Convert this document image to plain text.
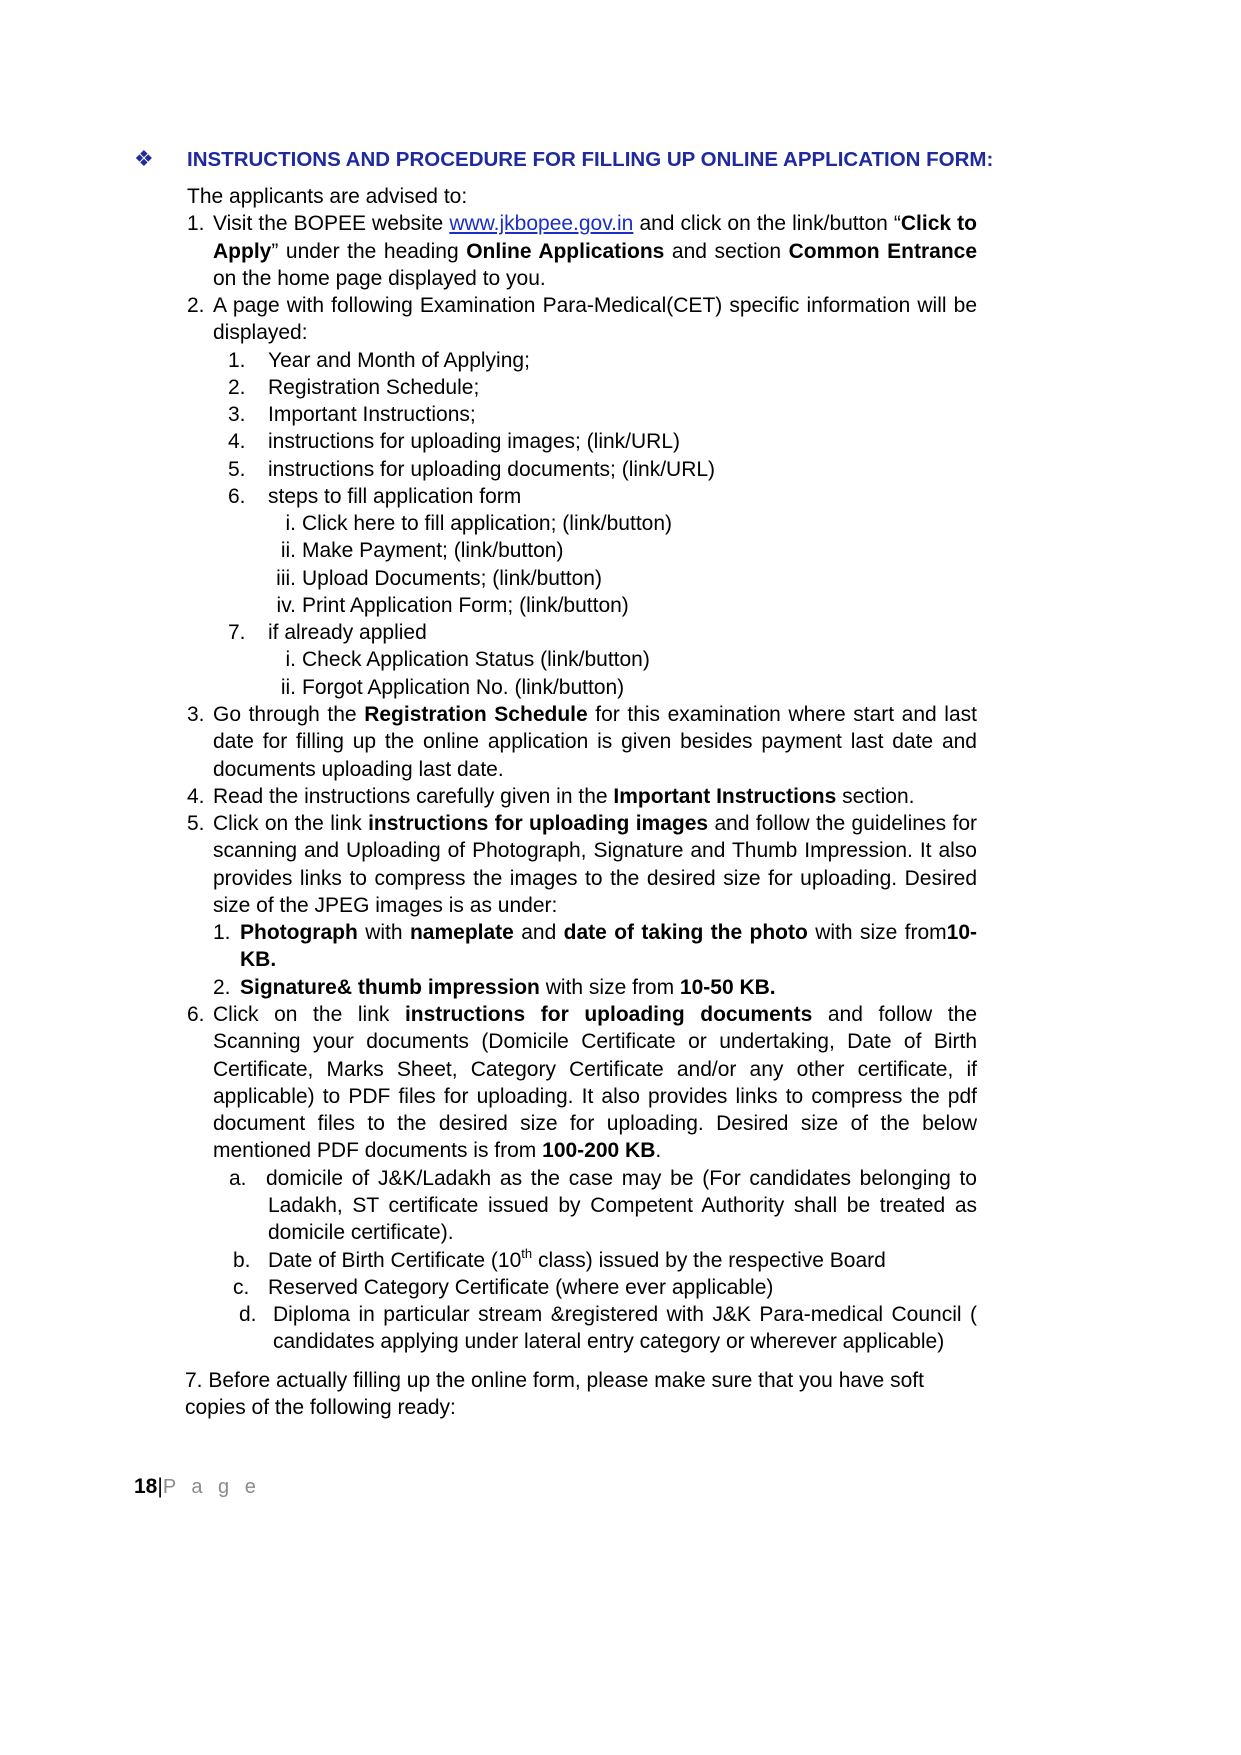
❖ INSTRUCTIONS AND PROCEDURE FOR FILLING UP ONLINE APPLICATION FORM:
The applicants are advised to:
1. Visit the BOPEE website www.jkbopee.gov.in and click on the link/button “Click to
Apply” under the heading Online Applications and section Common Entrance
on the home page displayed to you.
2. A page with following Examination Para-Medical(CET) specific information will be
displayed:
1. Year and Month of Applying;
2. Registration Schedule;
3. Important Instructions;
4. instructions for uploading images; (link/URL)
5. instructions for uploading documents; (link/URL)
6. steps to fill application form
i. Click here to fill application; (link/button)
ii. Make Payment; (link/button)
iii. Upload Documents; (link/button)
iv. Print Application Form; (link/button)
7. if already applied
i. Check Application Status (link/button)
ii. Forgot Application No. (link/button)
3. Go through the Registration Schedule for this examination where start and last
date for filling up the online application is given besides payment last date and
documents uploading last date.
4. Read the instructions carefully given in the Important Instructions section.
5. Click on the link instructions for uploading images and follow the guidelines for
scanning and Uploading of Photograph, Signature and Thumb Impression. It also
provides links to compress the images to the desired size for uploading. Desired
size of the JPEG images is as under:
1. Photograph with nameplate and date of taking the photo with size from10-
KB.
2. Signature& thumb impression with size from 10-50 KB.
6. Click on the link instructions for uploading documents and follow the
Scanning your documents (Domicile Certificate or undertaking, Date of Birth
Certificate, Marks Sheet, Category Certificate and/or any other certificate, if
applicable) to PDF files for uploading. It also provides links to compress the pdf
document files to the desired size for uploading. Desired size of the below
mentioned PDF documents is from 100-200 KB.
a. domicile of J&K/Ladakh as the case may be (For candidates belonging to
Ladakh, ST certificate issued by Competent Authority shall be treated as
domicile certificate).
b. Date of Birth Certificate (10th class) issued by the respective Board
c. Reserved Category Certificate (where ever applicable)
d. Diploma in particular stream &registered with J&K Para-medical Council (
candidates applying under lateral entry category or wherever applicable)
7. Before actually filling up the online form, please make sure that you have soft
copies of the following ready:
18|P a g e
